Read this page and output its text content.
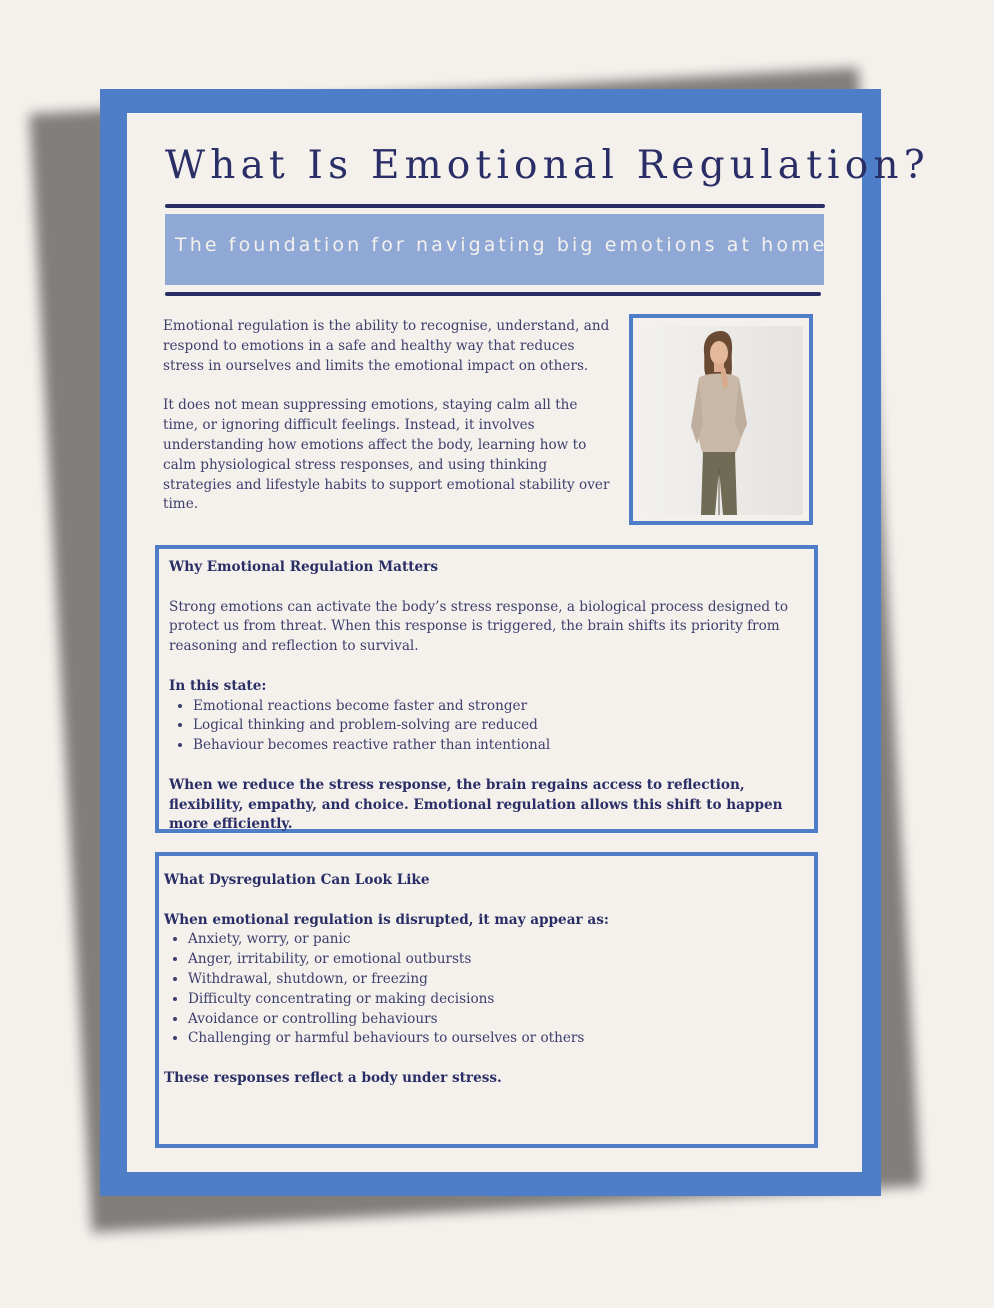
What Is Emotional Regulation?
The foundation for navigating big emotions at home.

Emotional regulation is the ability to recognise, understand, and respond to emotions in a safe and healthy way that reduces stress in ourselves and limits the emotional impact on others.

It does not mean suppressing emotions, staying calm all the time, or ignoring difficult feelings. Instead, it involves understanding how emotions affect the body, learning how to calm physiological stress responses, and using thinking strategies and lifestyle habits to support emotional stability over time.

Why Emotional Regulation Matters

Strong emotions can activate the body’s stress response, a biological process designed to protect us from threat. When this response is triggered, the brain shifts its priority from reasoning and reflection to survival.

In this state:

• Emotional reactions become faster and stronger
• Logical thinking and problem-solving are reduced
• Behaviour becomes reactive rather than intentional

When we reduce the stress response, the brain regains access to reflection, flexibility, empathy, and choice. Emotional regulation allows this shift to happen more efficiently.

What Dysregulation Can Look Like

When emotional regulation is disrupted, it may appear as:

• Anxiety, worry, or panic
• Anger, irritability, or emotional outbursts
• Withdrawal, shutdown, or freezing
• Difficulty concentrating or making decisions
• Avoidance or controlling behaviours
• Challenging or harmful behaviours to ourselves or others

These responses reflect a body under stress.
